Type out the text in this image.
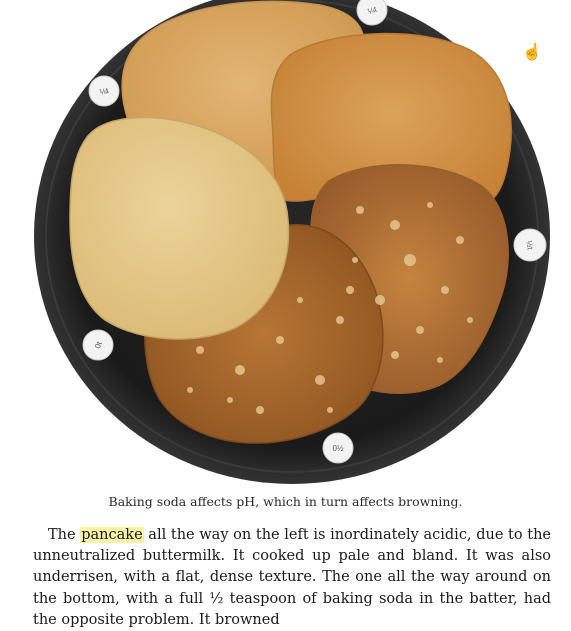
¼t
⅛t
½t
0t
0½
☝
Baking soda affects pH, which in turn affects browning.

The pancake all the way on the left is inordinately acidic, due to the unneutralized buttermilk. It cooked up pale and bland. It was also underrisen, with a flat, dense texture. The one all the way around on the bottom, with a full ½ teaspoon of baking soda in the batter, had the opposite problem. It browned
